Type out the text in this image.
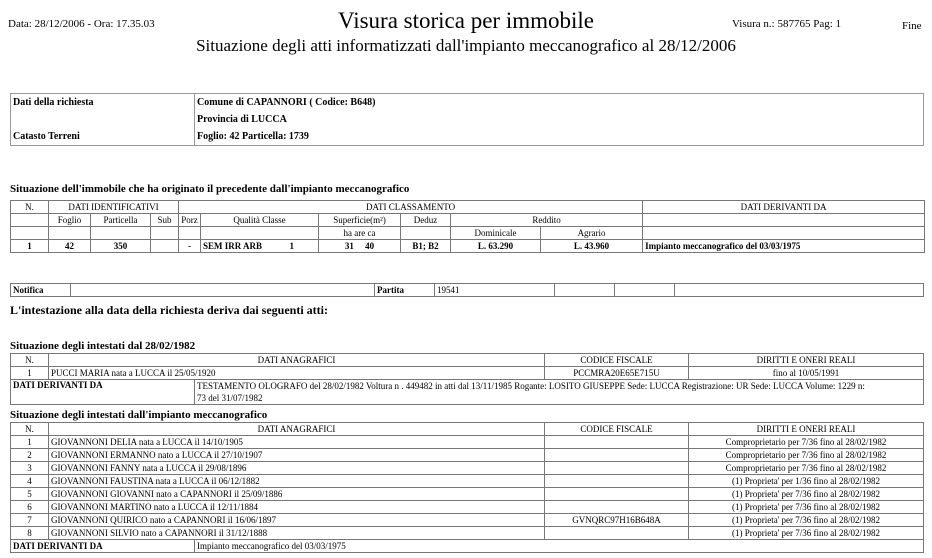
Data: 28/12/2006 - Ora: 17.35.03	Visura storica per immobile	Visura n.: 587765 Pag: 1	Fine
Situazione degli atti informatizzati dall'impianto meccanografico al 28/12/2006
Dati della richiesta	Comune di CAPANNORI ( Codice: B648)
	Provincia di LUCCA
Catasto Terreni	Foglio: 42 Particella: 1739
Situazione dell'immobile che ha originato il precedente dall'impianto meccanografico
N.	DATI IDENTIFICATIVI			DATI CLASSAMENTO						DATI DERIVANTI DA
	Foglio	Particella	Sub	Porz	Qualità Classe	Superficie(m²)	Deduz	Reddito		
						ha are ca		Dominicale	Agrario	
1	42	350		-	SEM IRR ARB 1	31 40	B1; B2	L. 63.290	L. 43.960	Impianto meccanografico del 03/03/1975
Notifica		Partita	19541			
L'intestazione alla data della richiesta deriva dai seguenti atti:
Situazione degli intestati dal 28/02/1982
N.	DATI ANAGRAFICI		CODICE FISCALE	DIRITTI E ONERI REALI
1	PUCCI MARIA nata a LUCCA il 25/05/1920		PCCMRA20E65E715U	fino al 10/05/1991
DATI DERIVANTI DA		TESTAMENTO OLOGRAFO del 28/02/1982 Voltura n . 449482 in atti dal 13/11/1985 Rogante: LOSITO GIUSEPPE Sede: LUCCA Registrazione: UR Sede: LUCCA Volume: 1229 n:
73 del 31/07/1982		
Situazione degli intestati dall'impianto meccanografico
N.	DATI ANAGRAFICI		CODICE FISCALE	DIRITTI E ONERI REALI
1	GIOVANNONI DELIA nata a LUCCA il 14/10/1905			Comproprietario per 7/36 fino al 28/02/1982
2	GIOVANNONI ERMANNO nato a LUCCA il 27/10/1907			Comproprietario per 7/36 fino al 28/02/1982
3	GIOVANNONI FANNY nata a LUCCA il 29/08/1896			Comproprietario per 7/36 fino al 28/02/1982
4	GIOVANNONI FAUSTINA nata a LUCCA il 06/12/1882			(1) Proprieta' per 1/36 fino al 28/02/1982
5	GIOVANNONI GIOVANNI nato a CAPANNORI il 25/09/1886			(1) Proprieta' per 7/36 fino al 28/02/1982
6	GIOVANNONI MARTINO nato a LUCCA il 12/11/1884			(1) Proprieta' per 7/36 fino al 28/02/1982
7	GIOVANNONI QUIRICO nato a CAPANNORI il 16/06/1897		GVNQRC97H16B648A	(1) Proprieta' per 7/36 fino al 28/02/1982
8	GIOVANNONI SILVIO nato a CAPANNORI il 31/12/1888			(1) Proprieta' per 7/36 fino al 28/02/1982
DATI DERIVANTI DA		Impianto meccanografico del 03/03/1975		
